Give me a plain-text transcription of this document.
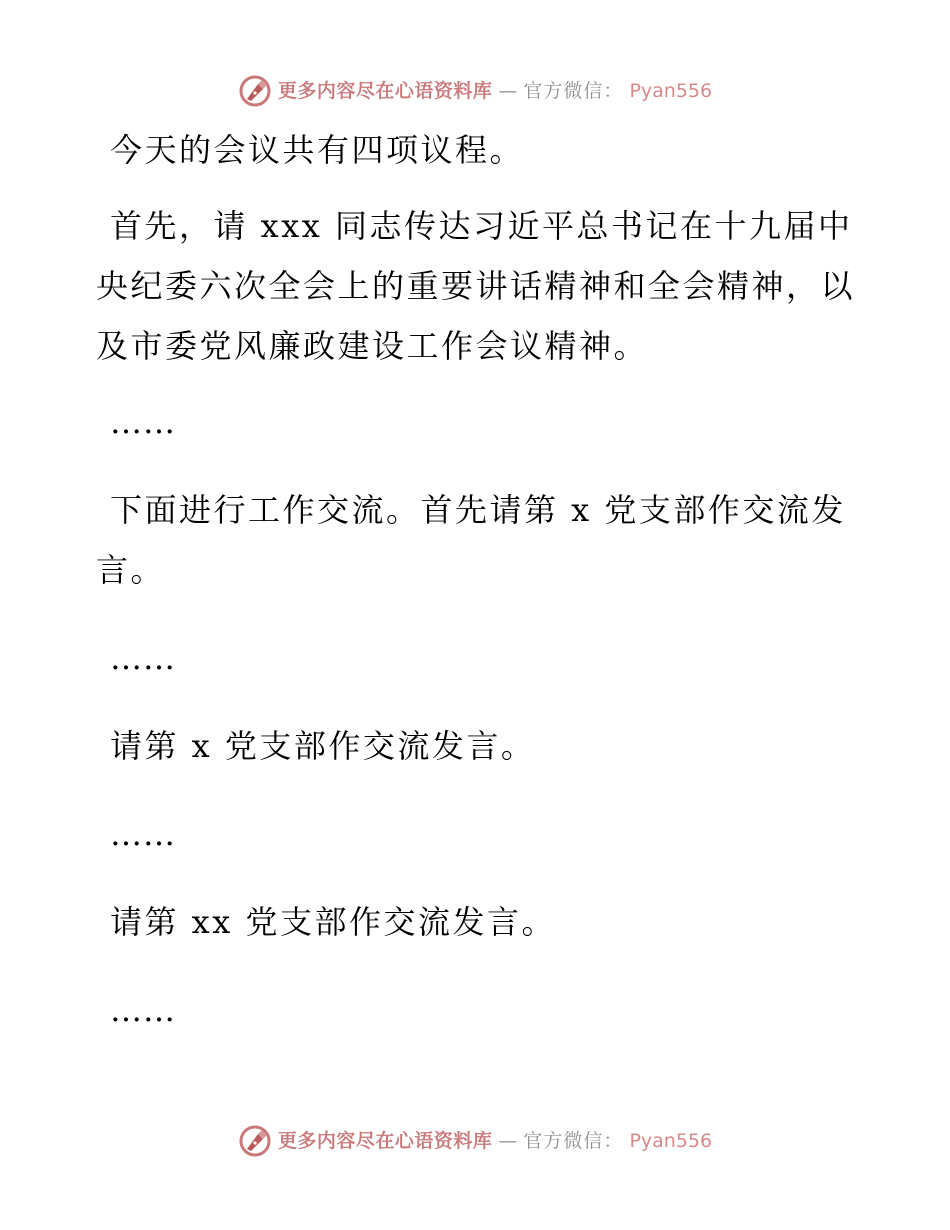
更多内容尽在心语资料库 — 官方微信： Pyan556

今天的会议共有四项议程。

首先，请 xxx 同志传达习近平总书记在十九届中央纪委六次全会上的重要讲话精神和全会精神，以及市委党风廉政建设工作会议精神。

……

下面进行工作交流。首先请第 x 党支部作交流发言。

……

请第 x 党支部作交流发言。

……

请第 xx 党支部作交流发言。

……

更多内容尽在心语资料库 — 官方微信： Pyan556
